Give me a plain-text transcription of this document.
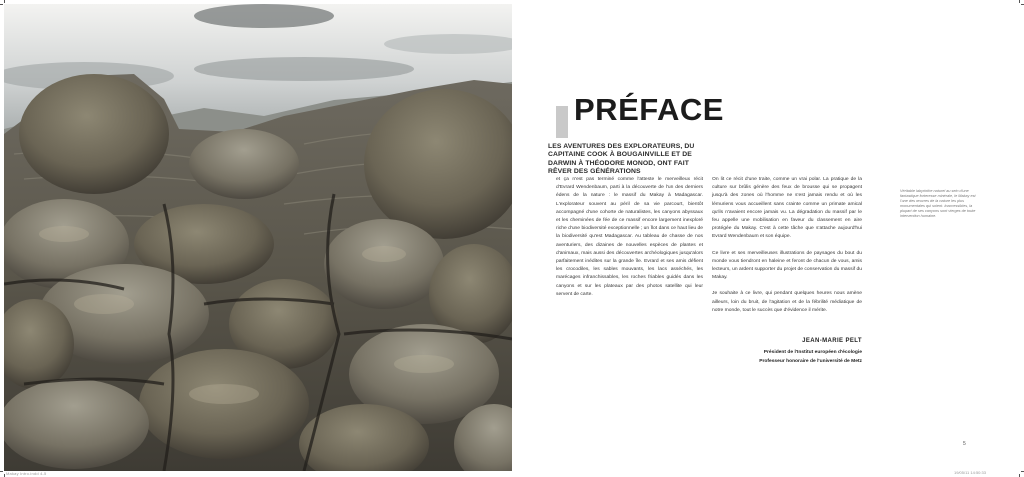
Makay Intro.indd 4-5
PRÉFACE
LES AVENTURES DES EXPLORATEURS, DU CAPITAINE COOK À BOUGAINVILLE ET DE DARWIN À THÉODORE MONOD, ONT FAIT RÊVER DES GÉNÉRATIONS

et ça n'est pas terminé comme l'atteste le merveilleux récit d'Evrard Wendenbaum, parti à la découverte de l'un des derniers édens de la nature : le massif du Makay à Madagascar. L'explorateur souvent au péril de sa vie parcourt, bientôt accompagné d'une cohorte de naturalistes, les canyons abyssaux et les cheminées de fée de ce massif encore largement inexploré riche d'une biodiversité exceptionnelle ; un Îlot dans ce haut lieu de la biodiversité qu'est Madagascar. Au tableau de chasse de nos aventuriers, des dizaines de nouvelles espèces de plantes et d'animaux, mais aussi des découvertes archéologiques jusqu'alors parfaitement inédites sur la grande île. Evrard et ses amis défient les crocodiles, les sables mouvants, les lacs asséchés, les marécages infranchissables, les roches friables guidés dans les canyons et sur les plateaux par des photos satellite qui leur servent de carte.

On lit ce récit d'une traite, comme un vrai polar. La pratique de la culture sur brûlis génère des feux de brousse qui se propagent jusqu'à des zones où l'homme ne s'est jamais rendu et où les lémuriens vous accueillent sans crainte comme un primate amical qu'ils n'avaient encore jamais vu. La dégradation du massif par le feu appelle une mobilisation en faveur du classement en aire protégée du Makay. C'est à cette tâche que s'attache aujourd'hui Evrard Wendenbaum et son équipe.

Ce livre et ses merveilleuses illustrations de paysages du bout du monde vous tiendront en haleine et feront de chacun de vous, amis lecteurs, un ardent supporter du projet de conservation du massif du Makay.

Je souhaite à ce livre, qui pendant quelques heures nous amène ailleurs, loin du bruit, de l'agitation et de la fébrilité médiatique de notre monde, tout le succès que d'évidence il mérite.

JEAN-MARIE PELT
Président de l'Institut européen d'écologie
Professeur honoraire de l'université de Metz
Véritable labyrinthe naturel au sein d'une fantastique forteresse minérale, le Makay est l'une des œuvres de la nature les plus monumentales qui soient. Inaccessibles, la plupart de ses canyons sont vierges de toute intervention humaine.
5
19/05/11 14:50:33
